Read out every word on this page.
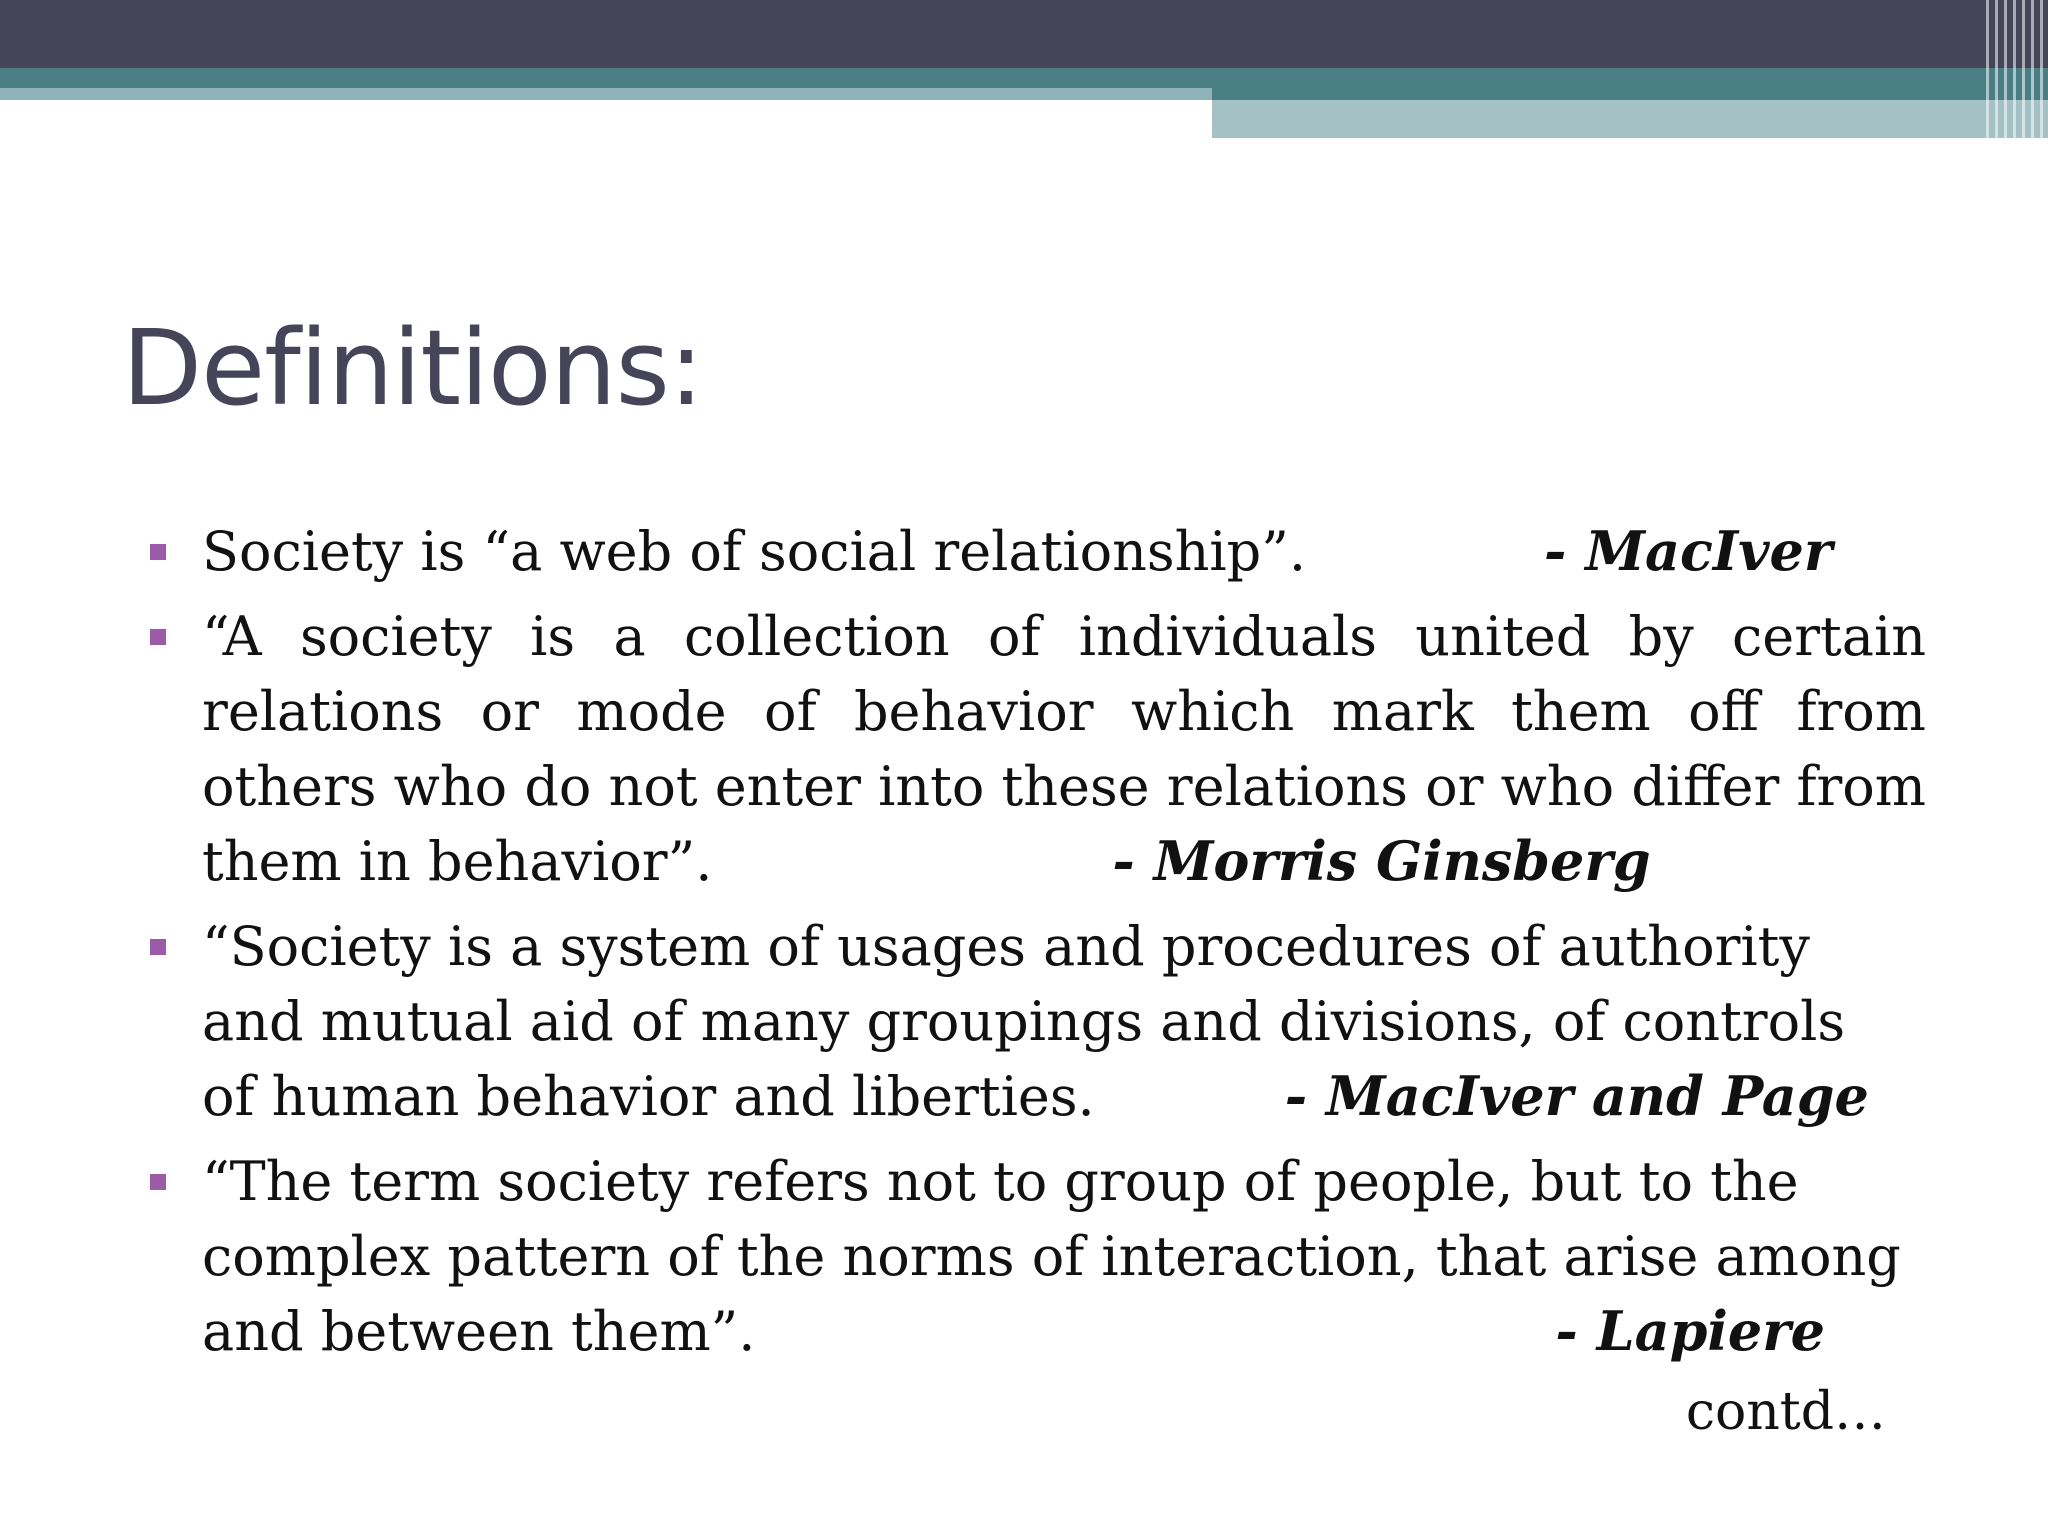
Definitions:
Society is “a web of social relationship”.	- MacIver
“A society is a collection of individuals united by certain relations or mode of behavior which mark them off from others who do not enter into these relations or who differ from them in behavior”.	- Morris Ginsberg
“Society is a system of usages and procedures of authority and mutual aid of many groupings and divisions, of controls of human behavior and liberties.	- MacIver and Page
“The term society refers not to group of people, but to the complex pattern of the norms of interaction, that arise among and between them”.	- Lapiere
contd…
